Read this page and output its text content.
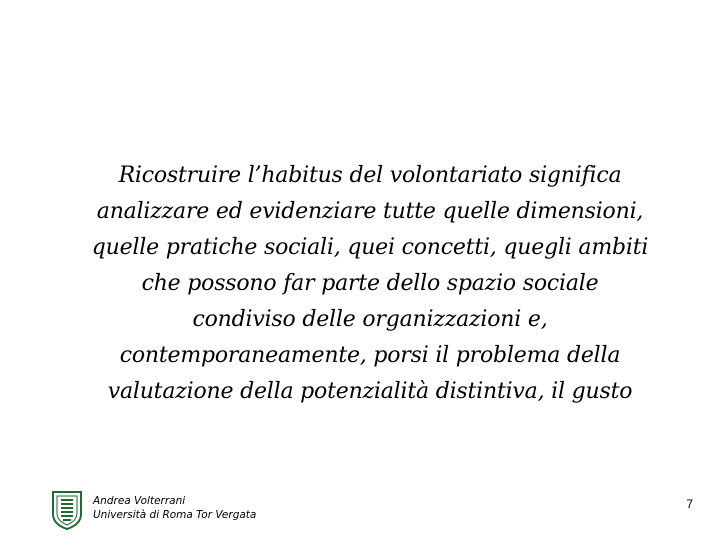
Ricostruire l’habitus del volontariato significa
analizzare ed evidenziare tutte quelle dimensioni,
quelle pratiche sociali, quei concetti, quegli ambiti
che possono far parte dello spazio sociale
condiviso delle organizzazioni e,
contemporaneamente, porsi il problema della
valutazione della potenzialità distintiva, il gusto
Andrea Volterrani
Università di Roma Tor Vergata
7
